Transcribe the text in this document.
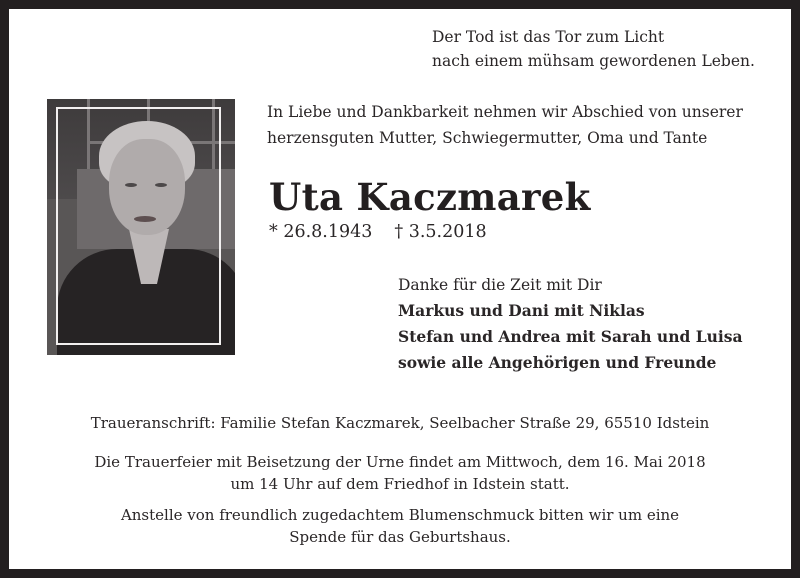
Der Tod ist das Tor zum Licht
nach einem mühsam gewordenen Leben.
In Liebe und Dankbarkeit nehmen wir Abschied von unserer
herzensguten Mutter, Schwiegermutter, Oma und Tante
Uta Kaczmarek
* 26.8.1943 † 3.5.2018
Danke für die Zeit mit Dir
Markus und Dani mit Niklas
Stefan und Andrea mit Sarah und Luisa
sowie alle Angehörigen und Freunde
Traueranschrift: Familie Stefan Kaczmarek, Seelbacher Straße 29, 65510 Idstein
Die Trauerfeier mit Beisetzung der Urne findet am Mittwoch, dem 16. Mai 2018
um 14 Uhr auf dem Friedhof in Idstein statt.
Anstelle von freundlich zugedachtem Blumenschmuck bitten wir um eine
Spende für das Geburtshaus.
